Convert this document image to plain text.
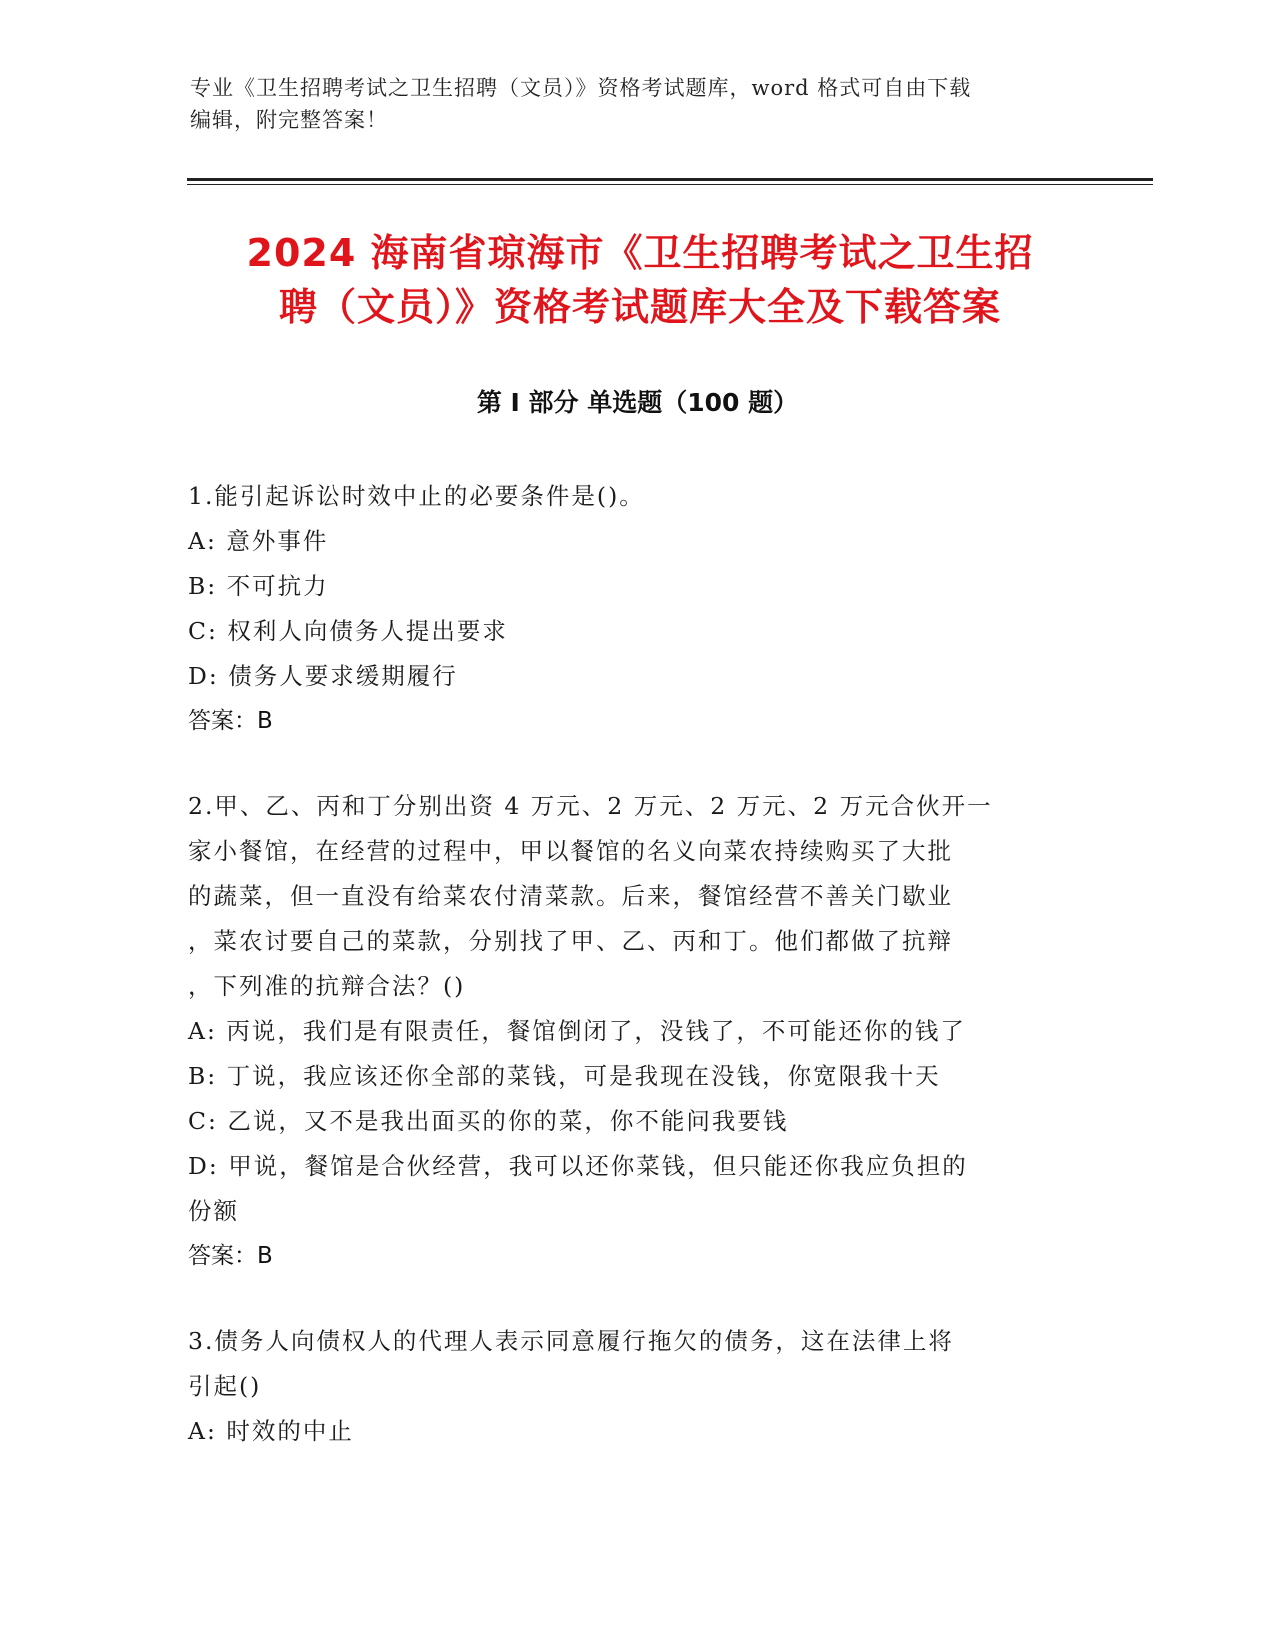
专业《卫生招聘考试之卫生招聘（文员）》资格考试题库，word 格式可自由下载
编辑，附完整答案！
2024 海南省琼海市《卫生招聘考试之卫生招
聘（文员）》资格考试题库大全及下载答案
第 I 部分 单选题（100 题）

1.能引起诉讼时效中止的必要条件是()。

A: 意外事件

B: 不可抗力

C: 权利人向债务人提出要求

D: 债务人要求缓期履行

答案：B

2.甲、乙、丙和丁分别出资 4 万元、2 万元、2 万元、2 万元合伙开一

家小餐馆，在经营的过程中，甲以餐馆的名义向菜农持续购买了大批

的蔬菜，但一直没有给菜农付清菜款。后来，餐馆经营不善关门歇业

，菜农讨要自己的菜款，分别找了甲、乙、丙和丁。他们都做了抗辩

，下列准的抗辩合法？()

A: 丙说，我们是有限责任，餐馆倒闭了，没钱了，不可能还你的钱了

B: 丁说，我应该还你全部的菜钱，可是我现在没钱，你宽限我十天

C: 乙说，又不是我出面买的你的菜，你不能问我要钱

D: 甲说，餐馆是合伙经营，我可以还你菜钱，但只能还你我应负担的

份额

答案：B

3.债务人向债权人的代理人表示同意履行拖欠的债务，这在法律上将

引起()

A: 时效的中止
